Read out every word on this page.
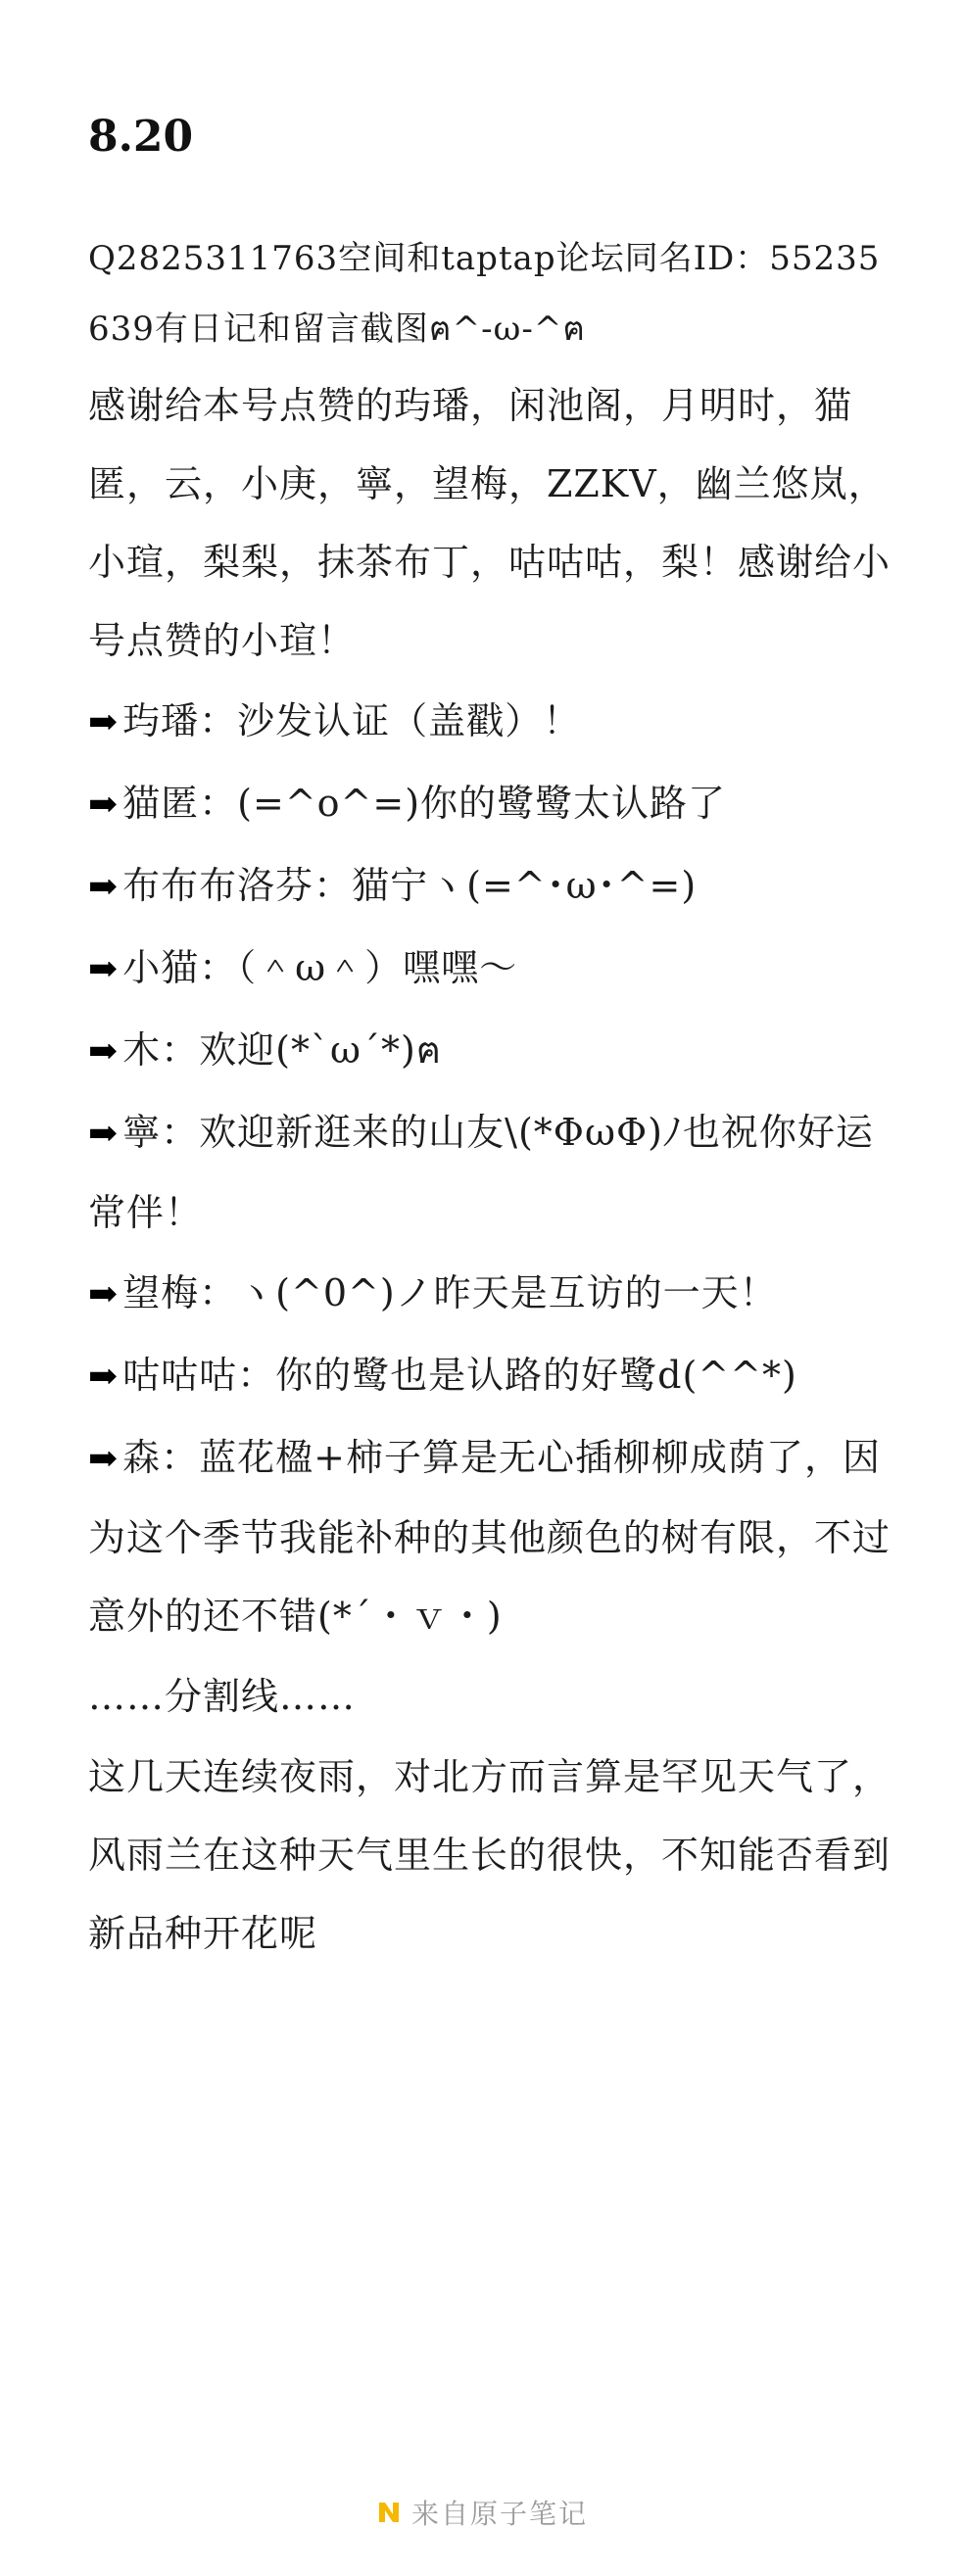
8.20

Q2825311763空间和taptap论坛同名ID：55235639有日记和留言截图ฅ^-ω-^ฅ

感谢给本号点赞的玙璠，闲池阁，月明时，猫匿，云，小庚，寧，望梅，ZZKV，幽兰悠岚，小瑄，梨梨，抹茶布丁，咕咕咕，梨！感谢给小号点赞的小瑄！

➡ 玙璠：沙发认证（盖戳）！

➡ 猫匿：(=^o^=)你的鹭鹭太认路了

➡ 布布布洛芬：猫宁ヽ(=^･ω･^=)

➡ 小猫：（＾ω＾）嘿嘿～

➡ 木：欢迎(*`ω´*)ฅ

➡ 寧：欢迎新逛来的山友\(*ΦωΦ)ﾉ也祝你好运常伴！

➡ 望梅：ヽ(^0^)ノ昨天是互访的一天！

➡ 咕咕咕：你的鹭也是认路的好鹭d(^^*)

➡ 森：蓝花楹+柿子算是无心插柳柳成荫了，因为这个季节我能补种的其他颜色的树有限，不过意外的还不错(*´・ｖ・)

……分割线……

这几天连续夜雨，对北方而言算是罕见天气了，风雨兰在这种天气里生长的很快，不知能否看到新品种开花呢

来自原子笔记
